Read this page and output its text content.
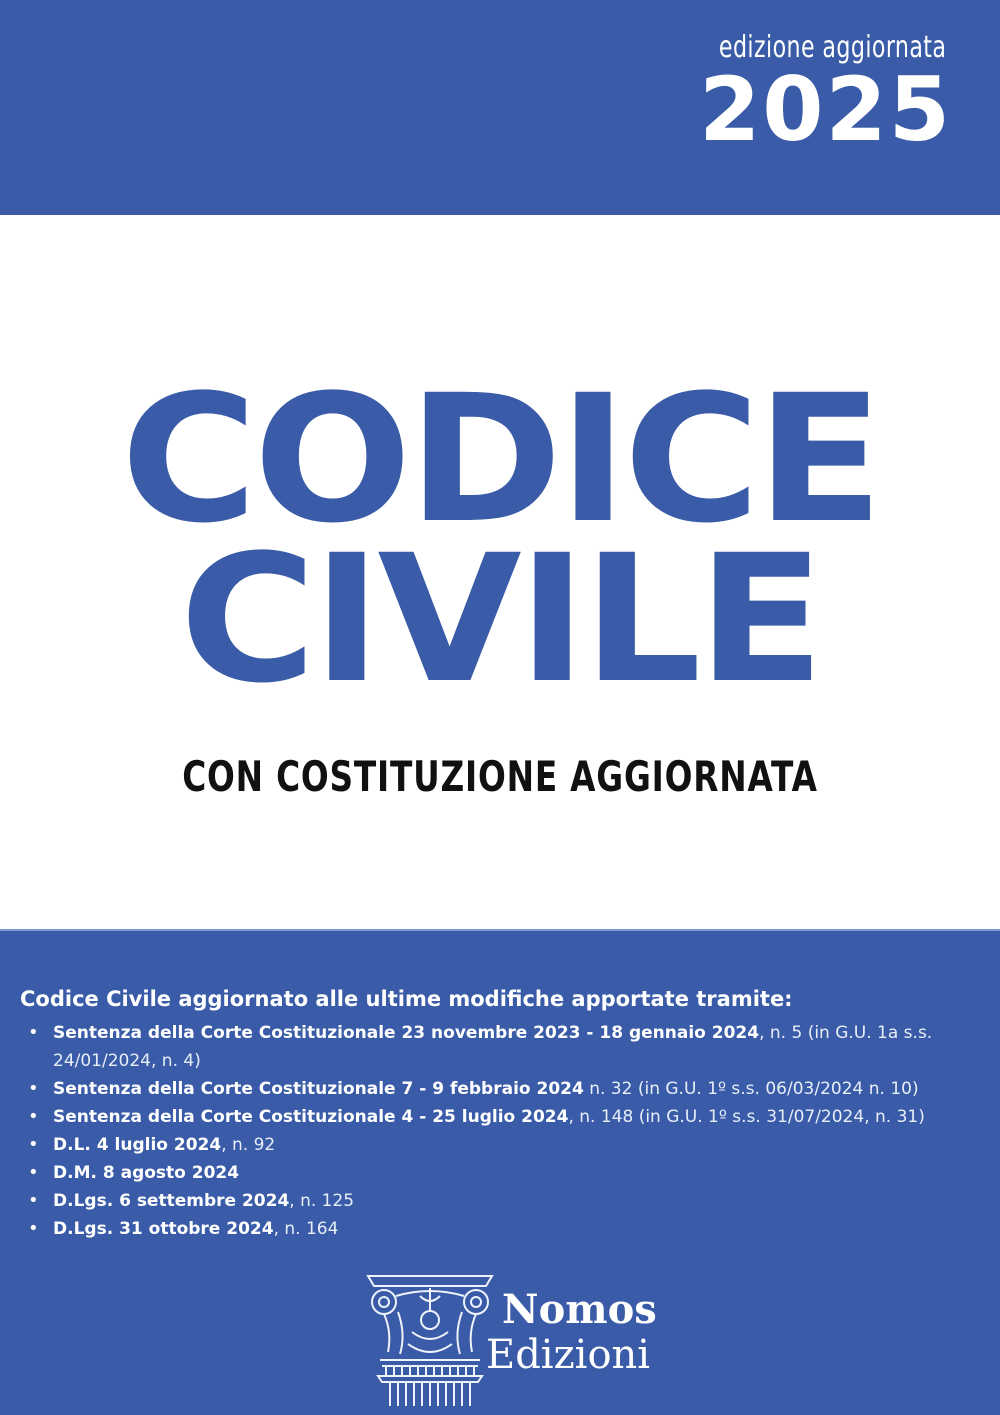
edizione aggiornata
2025
CODICE
CIVILE
CON COSTITUZIONE AGGIORNATA
Codice Civile aggiornato alle ultime modifiche apportate tramite:
• Sentenza della Corte Costituzionale 23 novembre 2023 - 18 gennaio 2024, n. 5 (in G.U. 1a s.s. 24/01/2024, n. 4)
• Sentenza della Corte Costituzionale 7 - 9 febbraio 2024 n. 32 (in G.U. 1º s.s. 06/03/2024 n. 10)
• Sentenza della Corte Costituzionale 4 - 25 luglio 2024, n. 148 (in G.U. 1º s.s. 31/07/2024, n. 31)
• D.L. 4 luglio 2024, n. 92
• D.M. 8 agosto 2024
• D.Lgs. 6 settembre 2024, n. 125
• D.Lgs. 31 ottobre 2024, n. 164
Nomos
Edizioni
